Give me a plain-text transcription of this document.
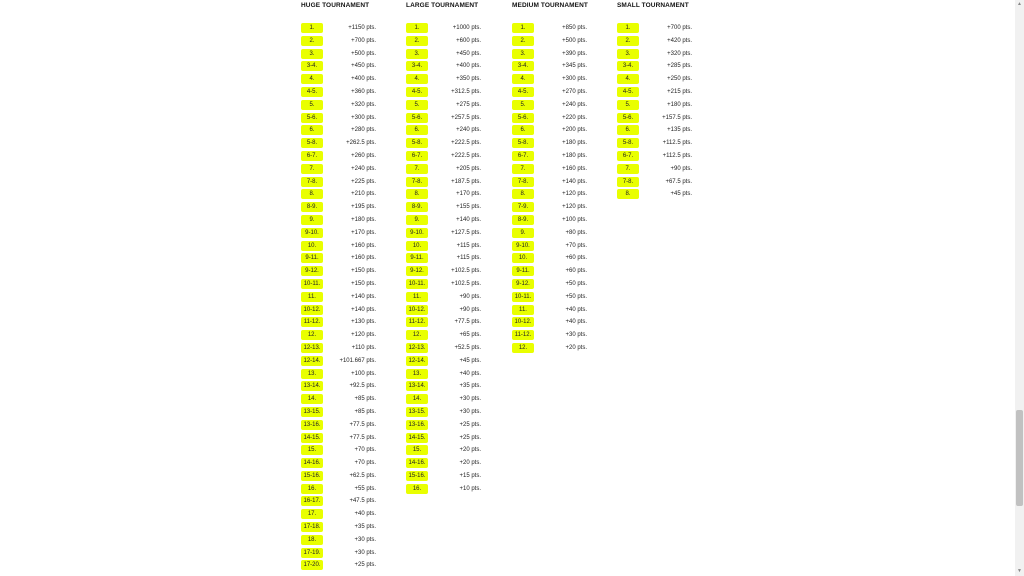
HUGE TOURNAMENT
1.	+1150 pts.
2.	+700 pts.
3.	+500 pts.
3-4.	+450 pts.
4.	+400 pts.
4-5.	+360 pts.
5.	+320 pts.
5-6.	+300 pts.
6.	+280 pts.
5-8.	+262.5 pts.
6-7.	+260 pts.
7.	+240 pts.
7-8.	+225 pts.
8.	+210 pts.
8-9.	+195 pts.
9.	+180 pts.
9-10.	+170 pts.
10.	+160 pts.
9-11.	+160 pts.
9-12.	+150 pts.
10-11.	+150 pts.
11.	+140 pts.
10-12.	+140 pts.
11-12.	+130 pts.
12.	+120 pts.
12-13.	+110 pts.
12-14.	+101.667 pts.
13.	+100 pts.
13-14.	+92.5 pts.
14.	+85 pts.
13-15.	+85 pts.
13-16.	+77.5 pts.
14-15.	+77.5 pts.
15.	+70 pts.
14-16.	+70 pts.
15-16.	+62.5 pts.
16.	+55 pts.
16-17.	+47.5 pts.
17.	+40 pts.
17-18.	+35 pts.
18.	+30 pts.
17-19.	+30 pts.
17-20.	+25 pts.
LARGE TOURNAMENT
1.	+1000 pts.
2.	+600 pts.
3.	+450 pts.
3-4.	+400 pts.
4.	+350 pts.
4-5.	+312.5 pts.
5.	+275 pts.
5-6.	+257.5 pts.
6.	+240 pts.
5-8.	+222.5 pts.
6-7.	+222.5 pts.
7.	+205 pts.
7-8.	+187.5 pts.
8.	+170 pts.
8-9.	+155 pts.
9.	+140 pts.
9-10.	+127.5 pts.
10.	+115 pts.
9-11.	+115 pts.
9-12.	+102.5 pts.
10-11.	+102.5 pts.
11.	+90 pts.
10-12.	+90 pts.
11-12.	+77.5 pts.
12.	+65 pts.
12-13.	+52.5 pts.
12-14.	+45 pts.
13.	+40 pts.
13-14.	+35 pts.
14.	+30 pts.
13-15.	+30 pts.
13-16.	+25 pts.
14-15.	+25 pts.
15.	+20 pts.
14-16.	+20 pts.
15-16.	+15 pts.
16.	+10 pts.
MEDIUM TOURNAMENT
1.	+850 pts.
2.	+500 pts.
3.	+390 pts.
3-4.	+345 pts.
4.	+300 pts.
4-5.	+270 pts.
5.	+240 pts.
5-6.	+220 pts.
6.	+200 pts.
5-8.	+180 pts.
6-7.	+180 pts.
7.	+160 pts.
7-8.	+140 pts.
8.	+120 pts.
7-9.	+120 pts.
8-9.	+100 pts.
9.	+80 pts.
9-10.	+70 pts.
10.	+60 pts.
9-11.	+60 pts.
9-12.	+50 pts.
10-11.	+50 pts.
11.	+40 pts.
10-12.	+40 pts.
11-12.	+30 pts.
12.	+20 pts.
SMALL TOURNAMENT
1.	+700 pts.
2.	+420 pts.
3.	+320 pts.
3-4.	+285 pts.
4.	+250 pts.
4-5.	+215 pts.
5.	+180 pts.
5-6.	+157.5 pts.
6.	+135 pts.
5-8.	+112.5 pts.
6-7.	+112.5 pts.
7.	+90 pts.
7-8.	+67.5 pts.
8.	+45 pts.
▲
▼
